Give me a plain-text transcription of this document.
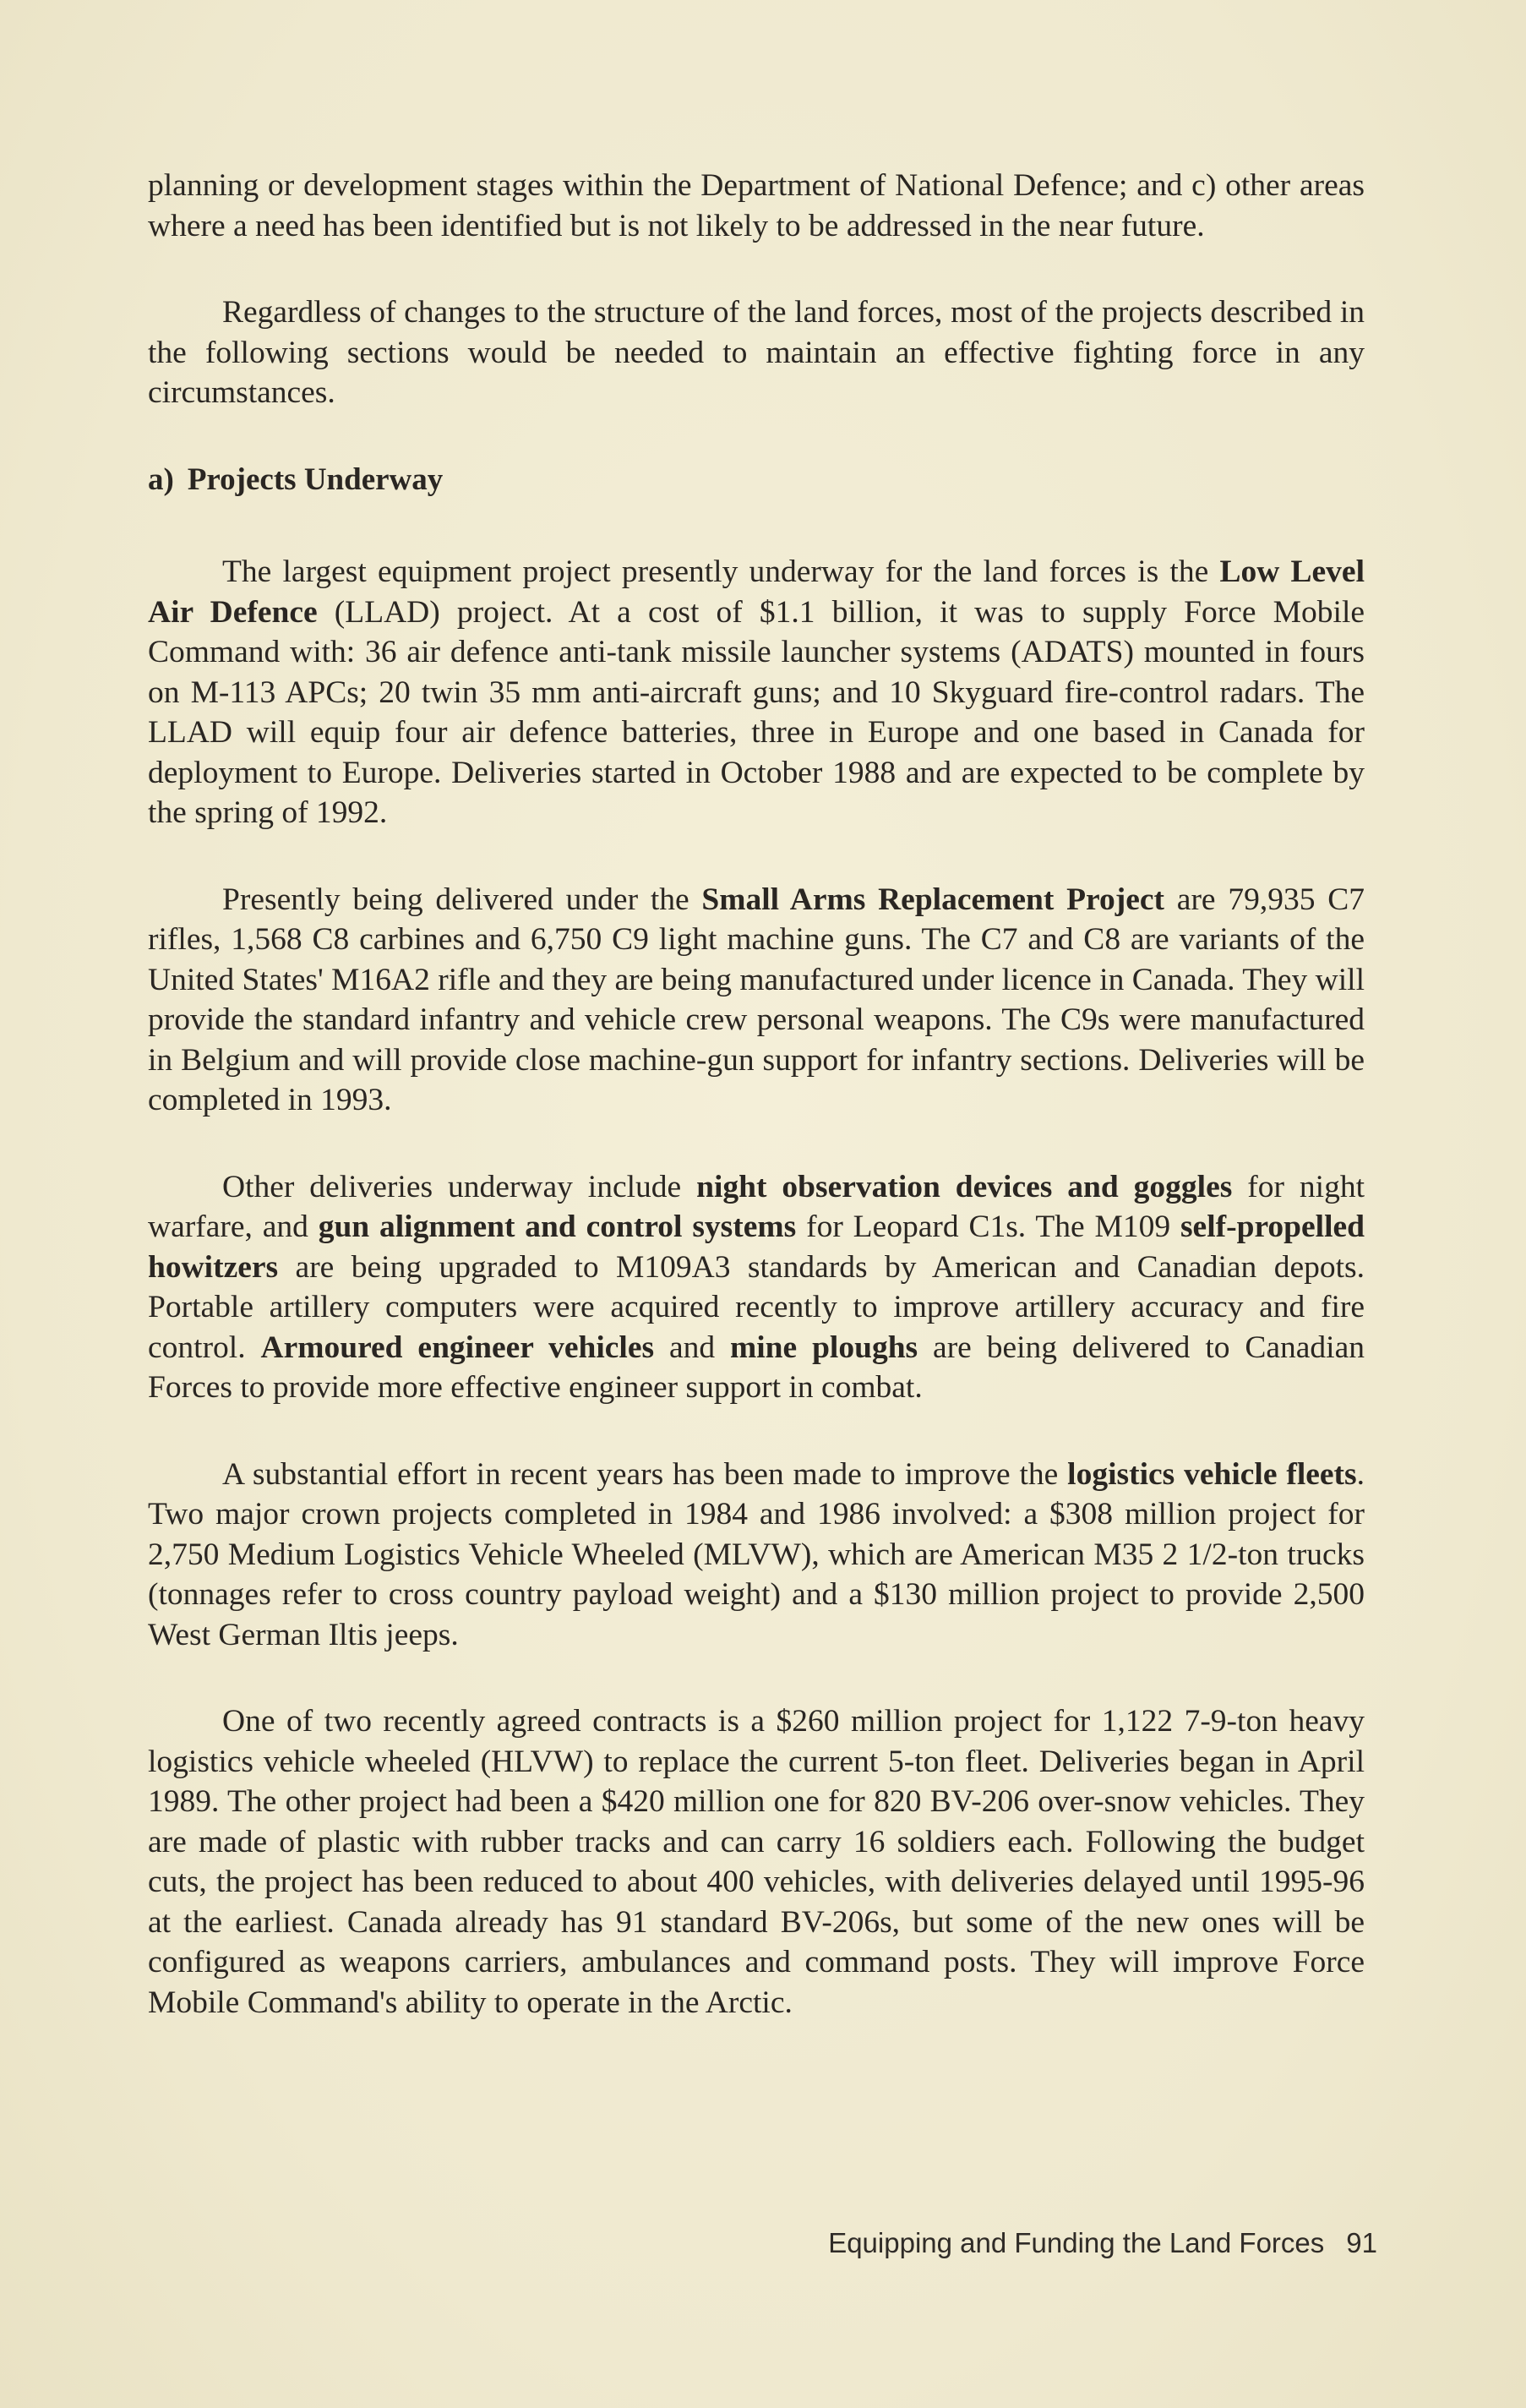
planning or development stages within the Department of National Defence; and c) other areas where a need has been identified but is not likely to be addressed in the near future.

Regardless of changes to the structure of the land forces, most of the projects described in the following sections would be needed to maintain an effective fighting force in any circumstances.

a) Projects Underway

The largest equipment project presently underway for the land forces is the Low Level Air Defence (LLAD) project. At a cost of $1.1 billion, it was to supply Force Mobile Command with: 36 air defence anti-tank missile launcher systems (ADATS) mounted in fours on M-113 APCs; 20 twin 35 mm anti-aircraft guns; and 10 Skyguard fire-control radars. The LLAD will equip four air defence batteries, three in Europe and one based in Canada for deployment to Europe. Deliveries started in October 1988 and are expected to be complete by the spring of 1992.

Presently being delivered under the Small Arms Replacement Project are 79,935 C7 rifles, 1,568 C8 carbines and 6,750 C9 light machine guns. The C7 and C8 are variants of the United States' M16A2 rifle and they are being manufactured under licence in Canada. They will provide the standard infantry and vehicle crew personal weapons. The C9s were manufactured in Belgium and will provide close machine-gun support for infantry sections. Deliveries will be completed in 1993.

Other deliveries underway include night observation devices and goggles for night warfare, and gun alignment and control systems for Leopard C1s. The M109 self-propelled howitzers are being upgraded to M109A3 standards by American and Canadian depots. Portable artillery computers were acquired recently to improve artillery accuracy and fire control. Armoured engineer vehicles and mine ploughs are being delivered to Canadian Forces to provide more effective engineer support in combat.

A substantial effort in recent years has been made to improve the logistics vehicle fleets. Two major crown projects completed in 1984 and 1986 involved: a $308 million project for 2,750 Medium Logistics Vehicle Wheeled (MLVW), which are American M35 2 1/2-ton trucks (tonnages refer to cross country payload weight) and a $130 million project to provide 2,500 West German Iltis jeeps.

One of two recently agreed contracts is a $260 million project for 1,122 7-9-ton heavy logistics vehicle wheeled (HLVW) to replace the current 5-ton fleet. Deliveries began in April 1989. The other project had been a $420 million one for 820 BV-206 over-snow vehicles. They are made of plastic with rubber tracks and can carry 16 soldiers each. Following the budget cuts, the project has been reduced to about 400 vehicles, with deliveries delayed until 1995-96 at the earliest. Canada already has 91 standard BV-206s, but some of the new ones will be configured as weapons carriers, ambulances and command posts. They will improve Force Mobile Command's ability to operate in the Arctic.

Equipping and Funding the Land Forces 91
